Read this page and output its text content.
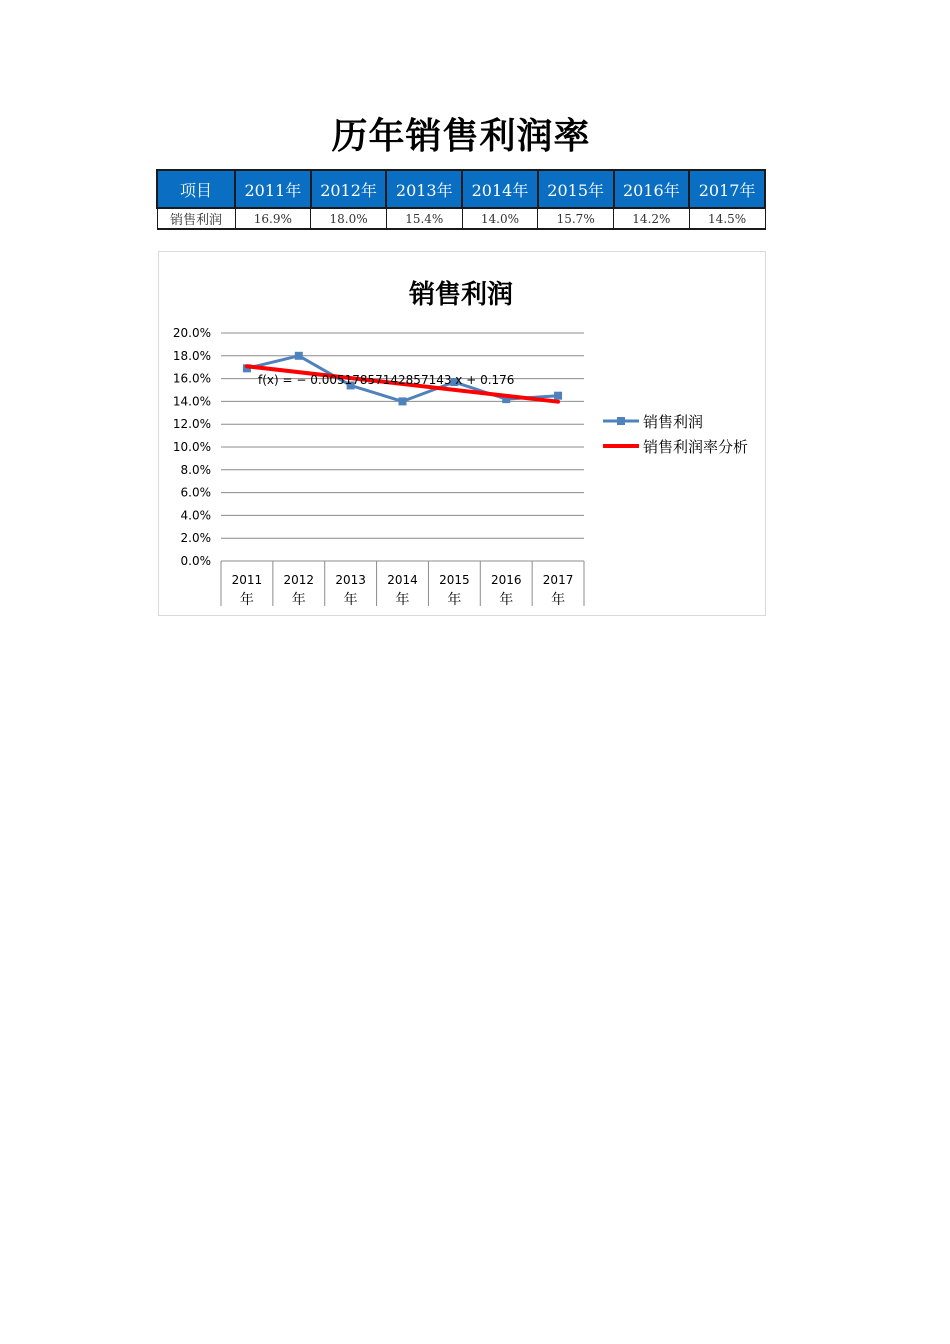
历年销售利润率
项目	2011年	2012年	2013年	2014年	2015年	2016年	2017年
销售利润	16.9%	18.0%	15.4%	14.0%	15.7%	14.2%	14.5%
销售利润
0.0%
2.0%
4.0%
6.0%
8.0%
10.0%
12.0%
14.0%
16.0%
18.0%
20.0%
2011
年
2012
年
2013
年
2014
年
2015
年
2016
年
2017
年
f(x) = − 0.00517857142857143 x + 0.176
销售利润
销售利润率分析
